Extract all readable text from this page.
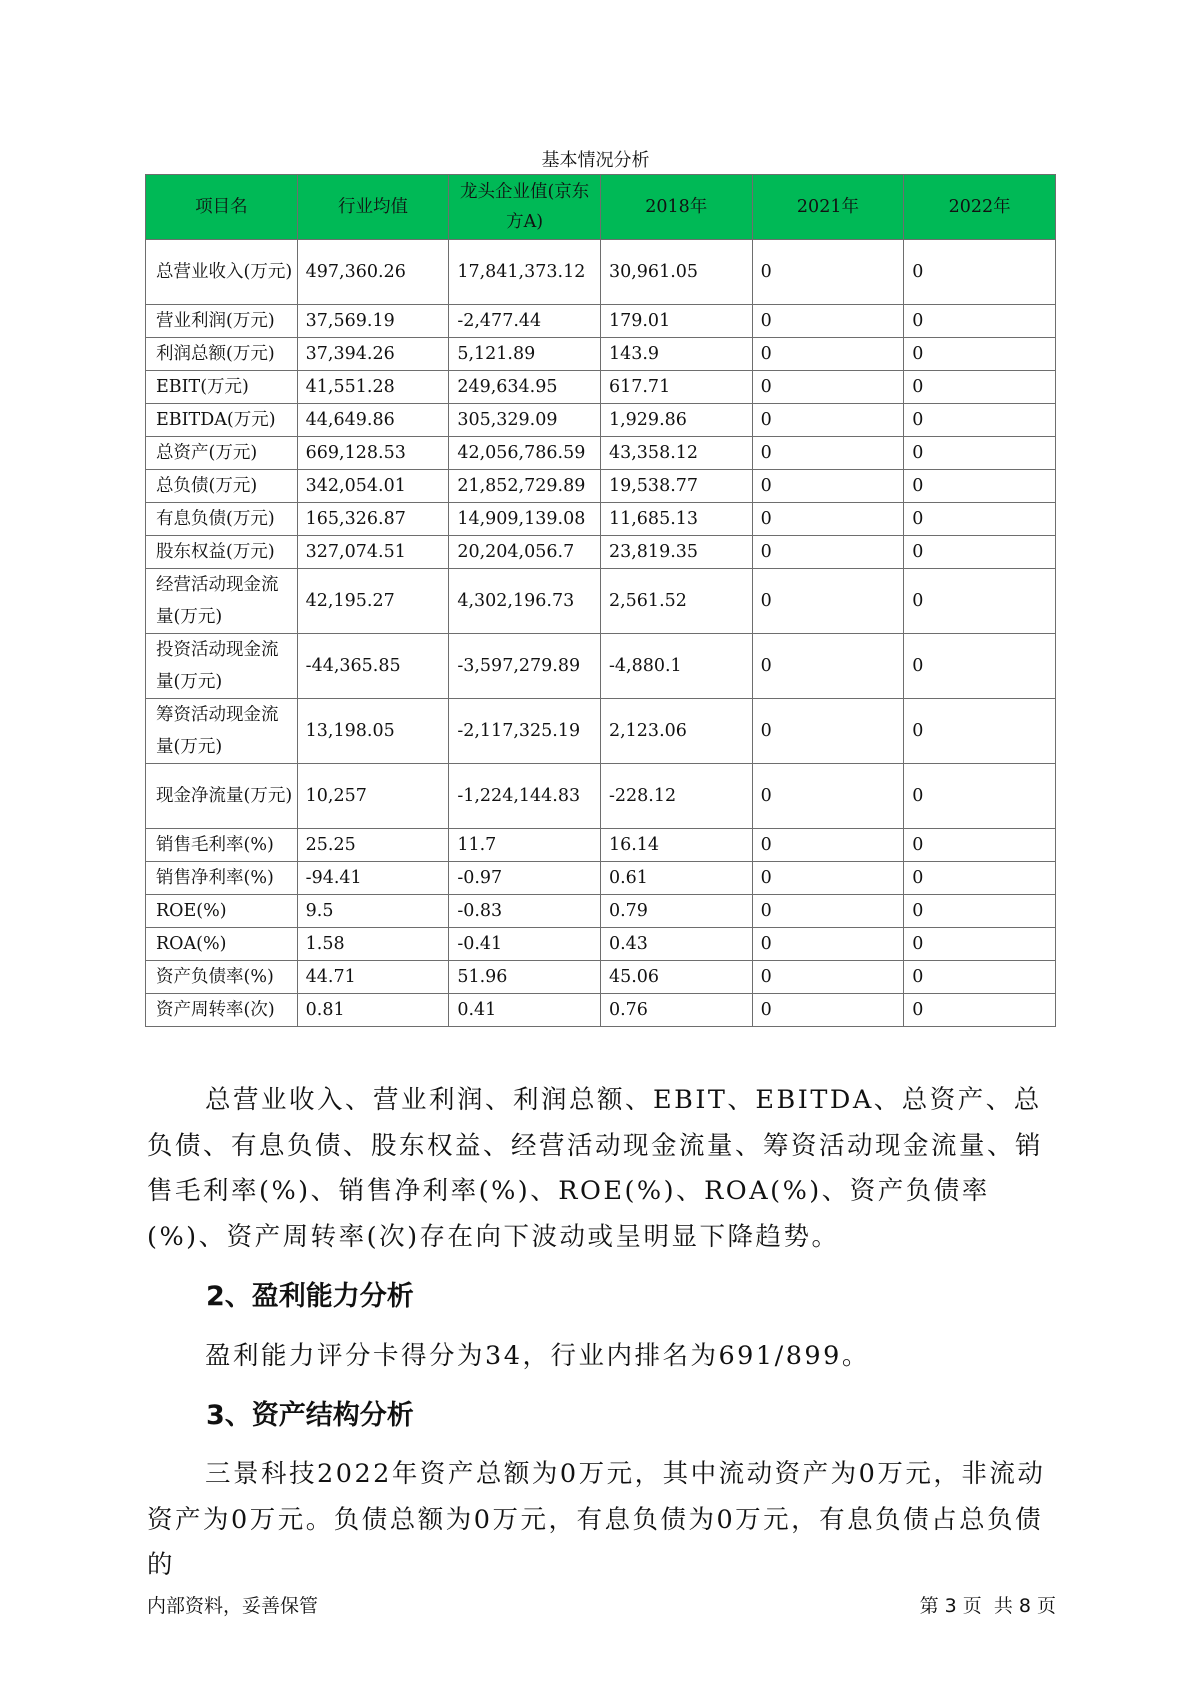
基本情况分析
项目名	行业均值	龙头企业值(京东方A)	2018年	2021年	2022年
总营业收入(万元)	497,360.26	17,841,373.12	30,961.05	0	0
营业利润(万元)	37,569.19	-2,477.44	179.01	0	0
利润总额(万元)	37,394.26	5,121.89	143.9	0	0
EBIT(万元)	41,551.28	249,634.95	617.71	0	0
EBITDA(万元)	44,649.86	305,329.09	1,929.86	0	0
总资产(万元)	669,128.53	42,056,786.59	43,358.12	0	0
总负债(万元)	342,054.01	21,852,729.89	19,538.77	0	0
有息负债(万元)	165,326.87	14,909,139.08	11,685.13	0	0
股东权益(万元)	327,074.51	20,204,056.7	23,819.35	0	0
经营活动现金流量(万元)	42,195.27	4,302,196.73	2,561.52	0	0
投资活动现金流量(万元)	-44,365.85	-3,597,279.89	-4,880.1	0	0
筹资活动现金流量(万元)	13,198.05	-2,117,325.19	2,123.06	0	0
现金净流量(万元)	10,257	-1,224,144.83	-228.12	0	0
销售毛利率(%)	25.25	11.7	16.14	0	0
销售净利率(%)	-94.41	-0.97	0.61	0	0
ROE(%)	9.5	-0.83	0.79	0	0
ROA(%)	1.58	-0.41	0.43	0	0
资产负债率(%)	44.71	51.96	45.06	0	0
资产周转率(次)	0.81	0.41	0.76	0	0

总营业收入、营业利润、利润总额、EBIT、EBITDA、总资产、总负债、有息负债、股东权益、经营活动现金流量、筹资活动现金流量、销售毛利率(%)、销售净利率(%)、ROE(%)、ROA(%)、资产负债率(%)、资产周转率(次)存在向下波动或呈明显下降趋势。

2、盈利能力分析

盈利能力评分卡得分为34，行业内排名为691/899。

3、资产结构分析

三景科技2022年资产总额为0万元，其中流动资产为0万元，非流动资产为0万元。负债总额为0万元，有息负债为0万元，有息负债占总负债的

内部资料，妥善保管	第 3 页  共 8 页
